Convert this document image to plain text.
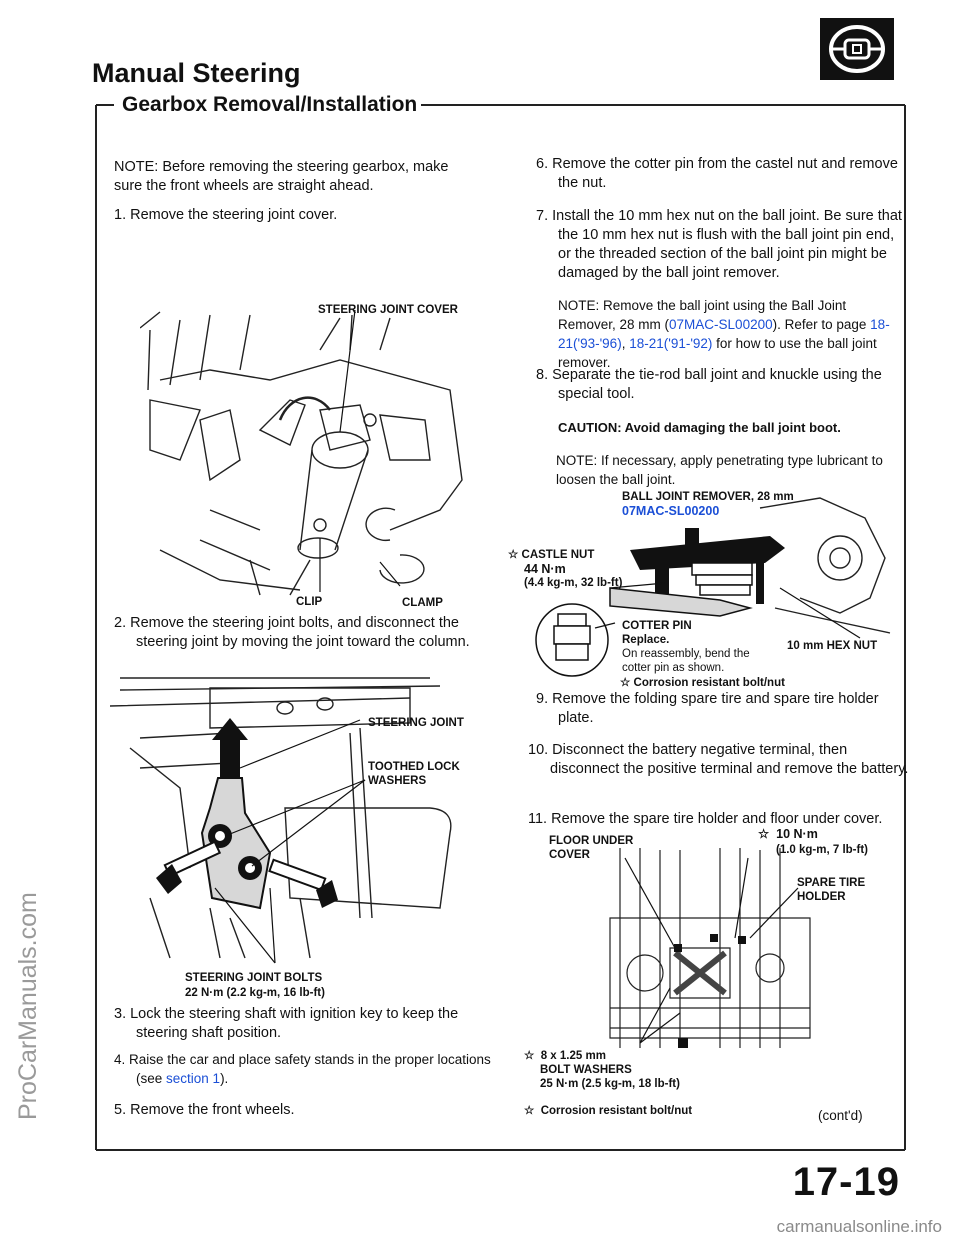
ProCarManuals.com
Manual Steering
Gearbox Removal/Installation
NOTE: Before removing the steering gearbox, make sure the front wheels are straight ahead.
1. Remove the steering joint cover.
STEERING JOINT COVER
CLIP	CLAMP
2. Remove the steering joint bolts, and disconnect the steering joint by moving the joint toward the column.
STEERING JOINT
TOOTHED LOCK WASHERS
STEERING JOINT BOLTS
22 N·m (2.2 kg-m, 16 lb-ft)
3. Lock the steering shaft with ignition key to keep the steering shaft position.
4. Raise the car and place safety stands in the proper locations (see section 1).
5. Remove the front wheels.
6. Remove the cotter pin from the castel nut and remove the nut.
7. Install the 10 mm hex nut on the ball joint. Be sure that the 10 mm hex nut is flush with the ball joint pin end, or the threaded section of the ball joint pin might be damaged by the ball joint remover.
NOTE: Remove the ball joint using the Ball Joint Remover, 28 mm (07MAC-SL00200). Refer to page 18-21('93-'96), 18-21('91-'92) for how to use the ball joint remover.
8. Separate the tie-rod ball joint and knuckle using the special tool.
CAUTION: Avoid damaging the ball joint boot.
NOTE: If necessary, apply penetrating type lubricant to loosen the ball joint.
BALL JOINT REMOVER, 28 mm
07MAC-SL00200
☆ CASTLE NUT
44 N·m
(4.4 kg-m, 32 lb-ft)
COTTER PIN
Replace.
On reassembly, bend the cotter pin as shown.
10 mm HEX NUT
☆ Corrosion resistant bolt/nut
9. Remove the folding spare tire and spare tire holder plate.
10. Disconnect the battery negative terminal, then disconnect the positive terminal and remove the battery.
11. Remove the spare tire holder and floor under cover.
FLOOR UNDER COVER
☆  10 N·m
(1.0 kg-m, 7 lb-ft)
SPARE TIRE HOLDER
☆  8 x 1.25 mm
BOLT WASHERS
25 N·m (2.5 kg-m, 18 lb-ft)
☆  Corrosion resistant bolt/nut	(cont'd)
17-19
carmanualsonline.info
